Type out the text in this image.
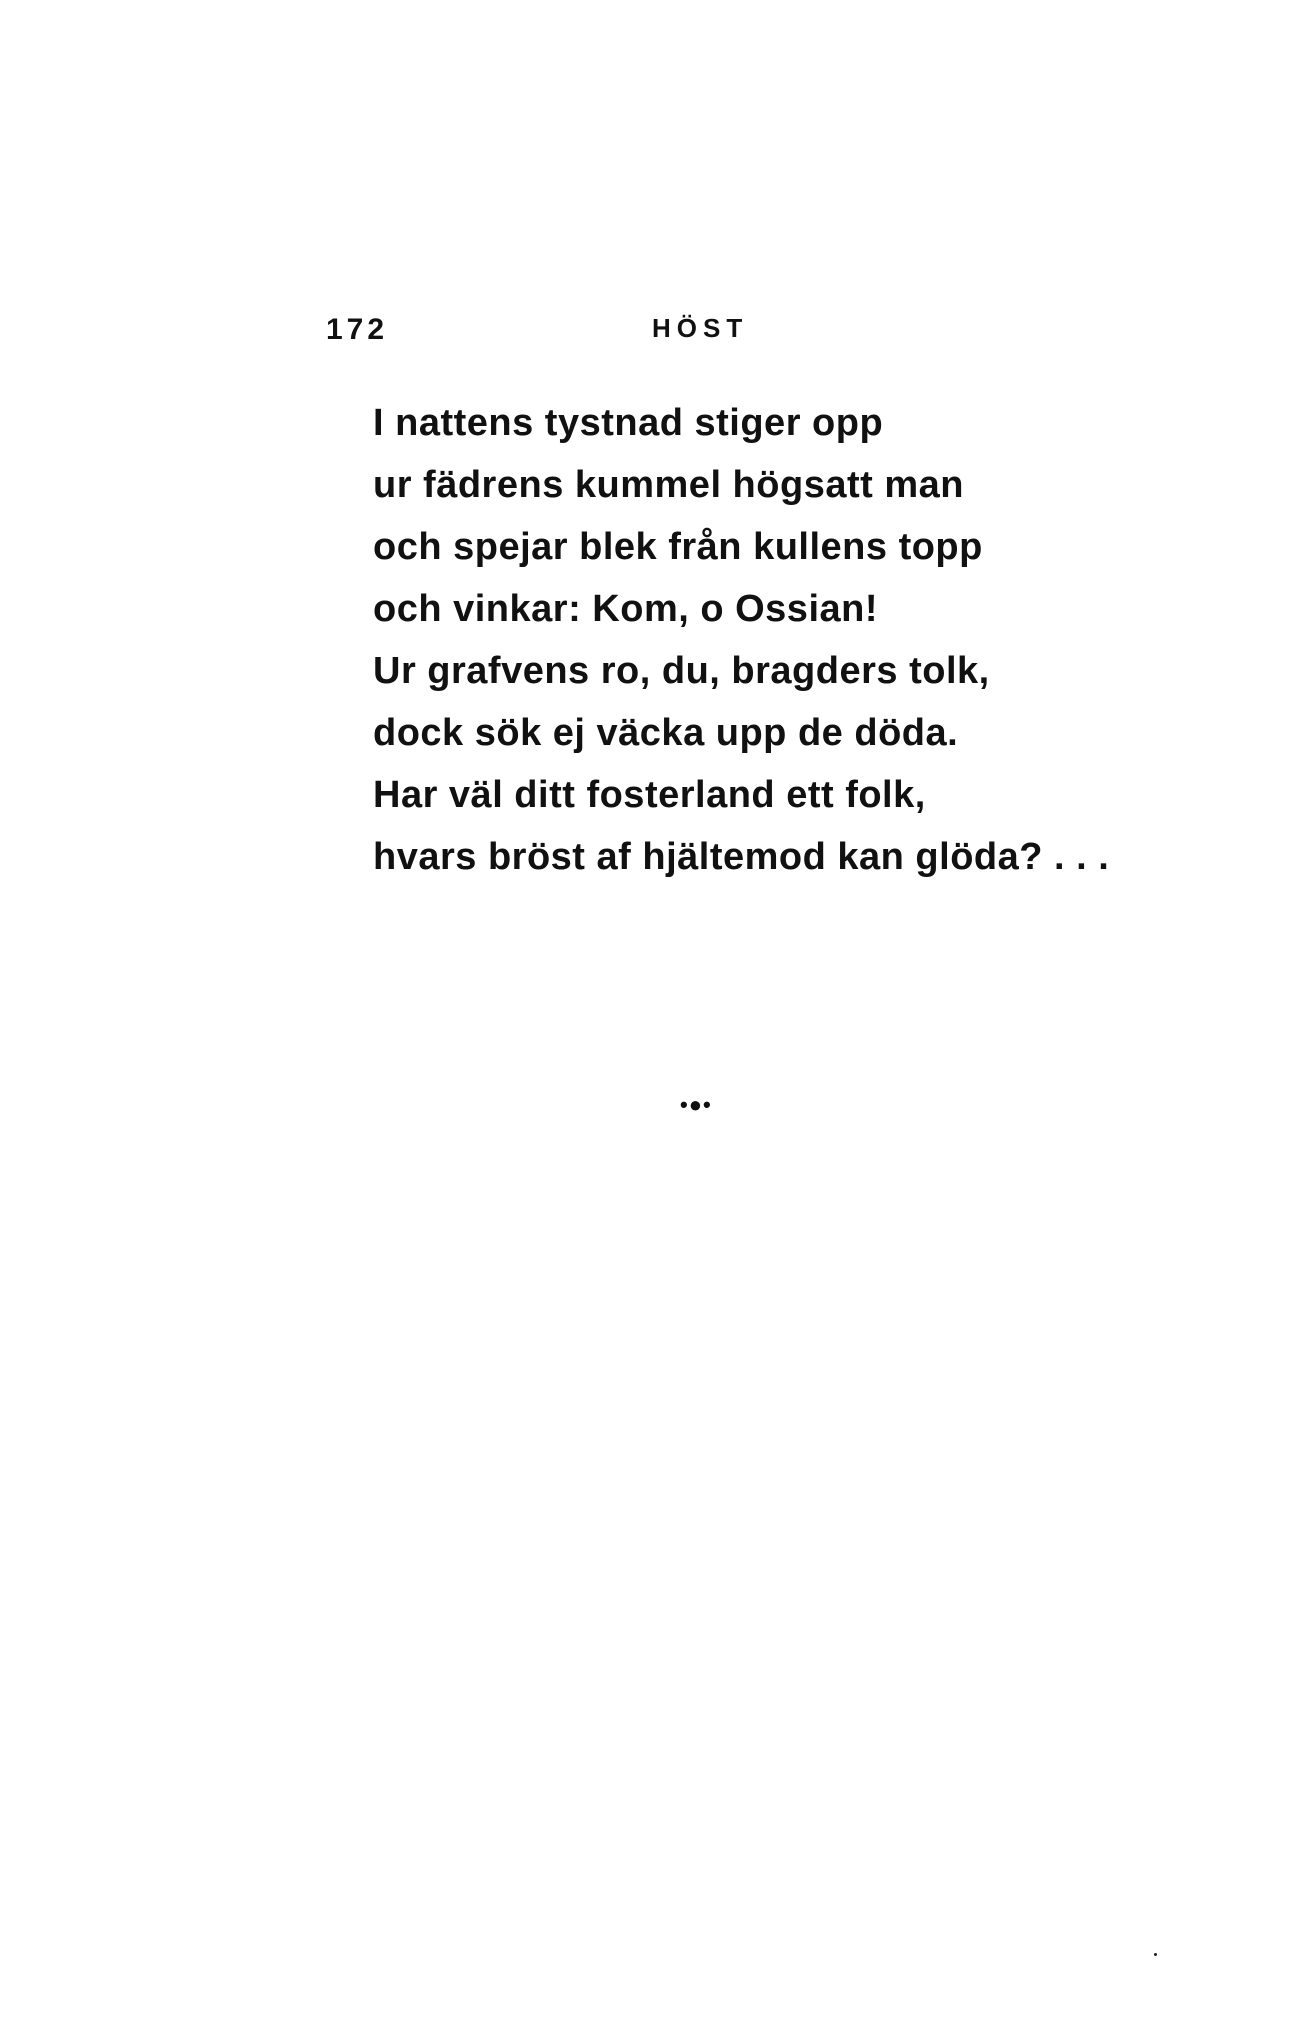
172	HÖST
I nattens tystnad stiger opp
ur fädrens kummel högsatt man
och spejar blek från kullens topp
och vinkar: Kom, o Ossian!
Ur grafvens ro, du, bragders tolk,
dock sök ej väcka upp de döda.
Har väl ditt fosterland ett folk,
hvars bröst af hjältemod kan glöda? . . .
•●•
